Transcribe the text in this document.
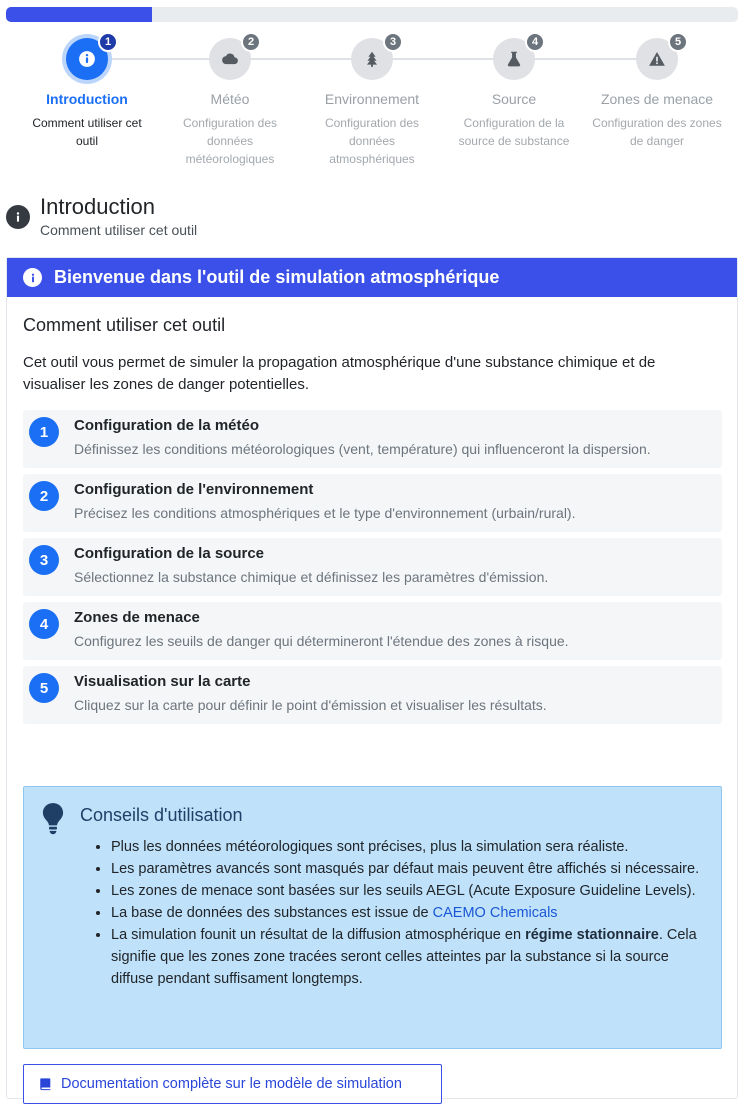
1
Introduction
Comment utiliser cet outil
2
Météo
Configuration des données météorologiques
3
Environnement
Configuration des données atmosphériques
4
Source
Configuration de la source de substance
5
Zones de menace
Configuration des zones de danger
Introduction
Comment utiliser cet outil
Bienvenue dans l'outil de simulation atmosphérique
Comment utiliser cet outil
Cet outil vous permet de simuler la propagation atmosphérique d'une substance chimique et de visualiser les zones de danger potentielles.
1	Configuration de la météo
Définissez les conditions météorologiques (vent, température) qui influenceront la dispersion.
2	Configuration de l'environnement
Précisez les conditions atmosphériques et le type d'environnement (urbain/rural).
3	Configuration de la source
Sélectionnez la substance chimique et définissez les paramètres d'émission.
4	Zones de menace
Configurez les seuils de danger qui détermineront l'étendue des zones à risque.
5	Visualisation sur la carte
Cliquez sur la carte pour définir le point d'émission et visualiser les résultats.
Conseils d'utilisation
• Plus les données météorologiques sont précises, plus la simulation sera réaliste.
• Les paramètres avancés sont masqués par défaut mais peuvent être affichés si nécessaire.
• Les zones de menace sont basées sur les seuils AEGL (Acute Exposure Guideline Levels).
• La base de données des substances est issue de CAEMO Chemicals
• La simulation founit un résultat de la diffusion atmosphérique en régime stationnaire. Cela signifie que les zones zone tracées seront celles atteintes par la substance si la source diffuse pendant suffisament longtemps.
Documentation complète sur le modèle de simulation
